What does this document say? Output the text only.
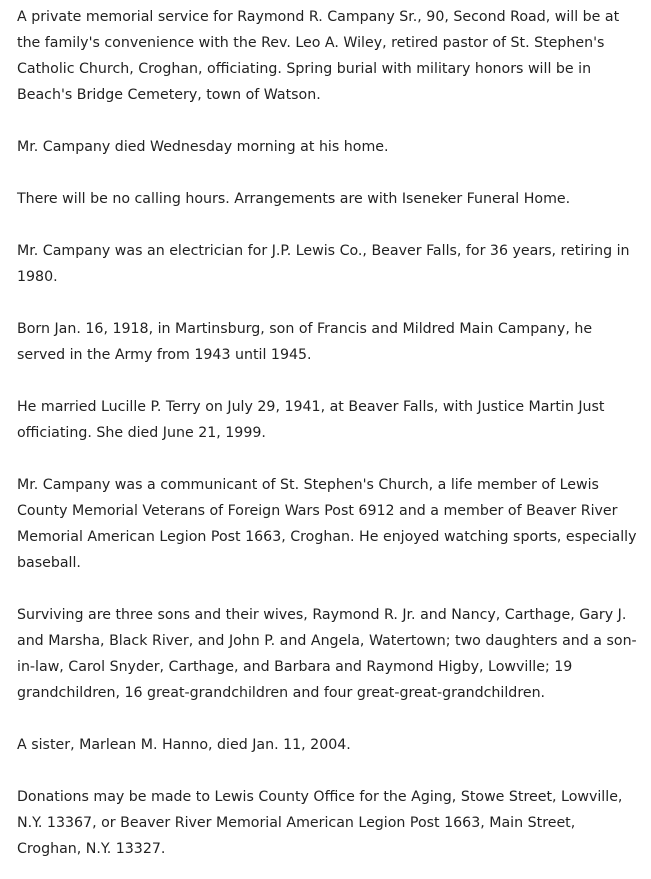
A private memorial service for Raymond R. Campany Sr., 90, Second Road, will be at the family's convenience with the Rev. Leo A. Wiley, retired pastor of St. Stephen's Catholic Church, Croghan, officiating. Spring burial with military honors will be in Beach's Bridge Cemetery, town of Watson.

Mr. Campany died Wednesday morning at his home.

There will be no calling hours. Arrangements are with Iseneker Funeral Home.

Mr. Campany was an electrician for J.P. Lewis Co., Beaver Falls, for 36 years, retiring in 1980.

Born Jan. 16, 1918, in Martinsburg, son of Francis and Mildred Main Campany, he served in the Army from 1943 until 1945.

He married Lucille P. Terry on July 29, 1941, at Beaver Falls, with Justice Martin Just officiating. She died June 21, 1999.

Mr. Campany was a communicant of St. Stephen's Church, a life member of Lewis County Memorial Veterans of Foreign Wars Post 6912 and a member of Beaver River Memorial American Legion Post 1663, Croghan. He enjoyed watching sports, especially baseball.

Surviving are three sons and their wives, Raymond R. Jr. and Nancy, Carthage, Gary J. and Marsha, Black River, and John P. and Angela, Watertown; two daughters and a son-in-law, Carol Snyder, Carthage, and Barbara and Raymond Higby, Lowville; 19 grandchildren, 16 great-grandchildren and four great-great-grandchildren.

A sister, Marlean M. Hanno, died Jan. 11, 2004.

Donations may be made to Lewis County Office for the Aging, Stowe Street, Lowville, N.Y. 13367, or Beaver River Memorial American Legion Post 1663, Main Street, Croghan, N.Y. 13327.
